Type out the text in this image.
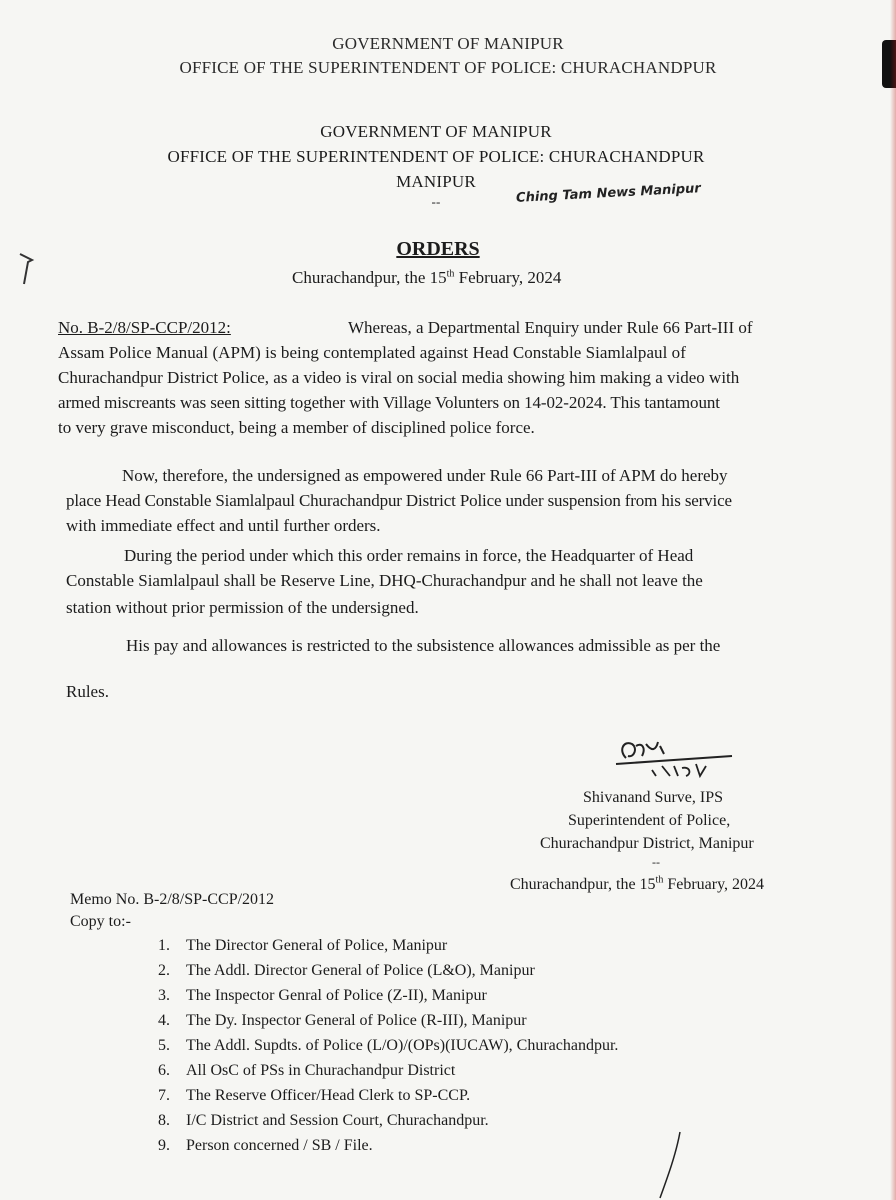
GOVERNMENT OF MANIPUR
OFFICE OF THE SUPERINTENDENT OF POLICE: CHURACHANDPUR
GOVERNMENT OF MANIPUR
OFFICE OF THE SUPERINTENDENT OF POLICE: CHURACHANDPUR
MANIPUR
--	Ching Tam News Manipur
ORDERS
Churachandpur, the 15th February, 2024
No. B-2/8/SP-CCP/2012:	Whereas, a Departmental Enquiry under Rule 66 Part-III of
Assam Police Manual (APM) is being contemplated against Head Constable Siamlalpaul of
Churachandpur District Police, as a video is viral on social media showing him making a video with
armed miscreants was seen sitting together with Village Volunters on 14-02-2024. This tantamount
to very grave misconduct, being a member of disciplined police force.
Now, therefore, the undersigned as empowered under Rule 66 Part-III of APM do hereby
place Head Constable Siamlalpaul Churachandpur District Police under suspension from his service
with immediate effect and until further orders.
During the period under which this order remains in force, the Headquarter of Head
Constable Siamlalpaul shall be Reserve Line, DHQ-Churachandpur and he shall not leave the
station without prior permission of the undersigned.
His pay and allowances is restricted to the subsistence allowances admissible as per the
Rules.
Shivanand Surve, IPS
Superintendent of Police,
Churachandpur District, Manipur
--
Churachandpur, the 15th February, 2024
Memo No. B-2/8/SP-CCP/2012
Copy to:-
1. The Director General of Police, Manipur
2. The Addl. Director General of Police (L&O), Manipur
3. The Inspector Genral of Police (Z-II), Manipur
4. The Dy. Inspector General of Police (R-III), Manipur
5. The Addl. Supdts. of Police (L/O)/(OPs)(IUCAW), Churachandpur.
6. All OsC of PSs in Churachandpur District
7. The Reserve Officer/Head Clerk to SP-CCP.
8. I/C District and Session Court, Churachandpur.
9. Person concerned / SB / File.
